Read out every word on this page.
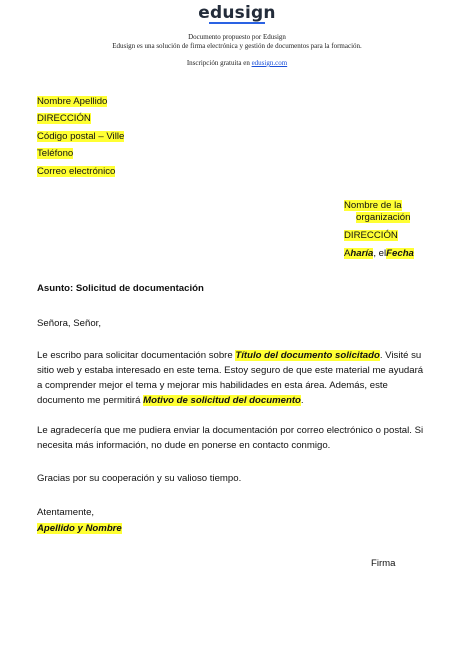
edusign
Documento propuesto por Edusign
Edusign es una solución de firma electrónica y gestión de documentos para la formación.
Inscripción gratuita en edusign.com
Nombre Apellido
DIRECCIÓN
Código postal – Ville
Teléfono
Correo electrónico
Nombre de la
organización
DIRECCIÓN
Aharía, elFecha
Asunto: Solicitud de documentación
Señora, Señor,
Le escribo para solicitar documentación sobre Título del documento solicitado. Visité su
sitio web y estaba interesado en este tema. Estoy seguro de que este material me ayudará
a comprender mejor el tema y mejorar mis habilidades en esta área. Además, este
documento me permitirá Motivo de solicitud del documento.
Le agradecería que me pudiera enviar la documentación por correo electrónico o postal. Si
necesita más información, no dude en ponerse en contacto conmigo.
Gracias por su cooperación y su valioso tiempo.
Atentamente,
Apellido y Nombre
Firma
